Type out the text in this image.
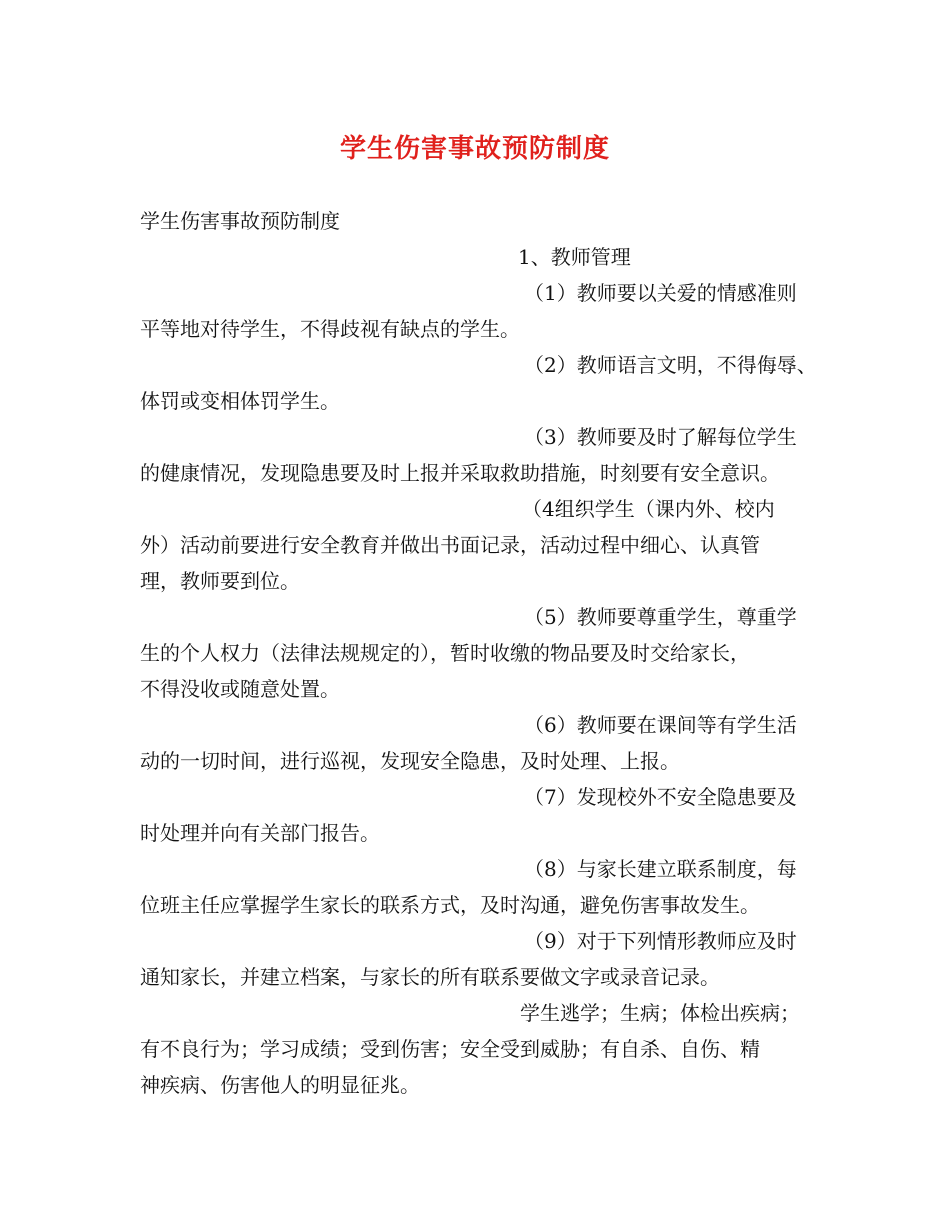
学生伤害事故预防制度
学生伤害事故预防制度
1、教师管理
（1）教师要以关爱的情感准则
平等地对待学生，不得歧视有缺点的学生。
（2）教师语言文明，不得侮辱、
体罚或变相体罚学生。
（3）教师要及时了解每位学生
的健康情况，发现隐患要及时上报并采取救助措施，时刻要有安全意识。
（4组织学生（课内外、校内
外）活动前要进行安全教育并做出书面记录，活动过程中细心、认真管
理，教师要到位。
（5）教师要尊重学生，尊重学
生的个人权力（法律法规规定的），暂时收缴的物品要及时交给家长，
不得没收或随意处置。
（6）教师要在课间等有学生活
动的一切时间，进行巡视，发现安全隐患，及时处理、上报。
（7）发现校外不安全隐患要及
时处理并向有关部门报告。
（8）与家长建立联系制度，每
位班主任应掌握学生家长的联系方式，及时沟通，避免伤害事故发生。
（9）对于下列情形教师应及时
通知家长，并建立档案，与家长的所有联系要做文字或录音记录。
学生逃学；生病；体检出疾病；
有不良行为；学习成绩；受到伤害；安全受到威胁；有自杀、自伤、精
神疾病、伤害他人的明显征兆。
